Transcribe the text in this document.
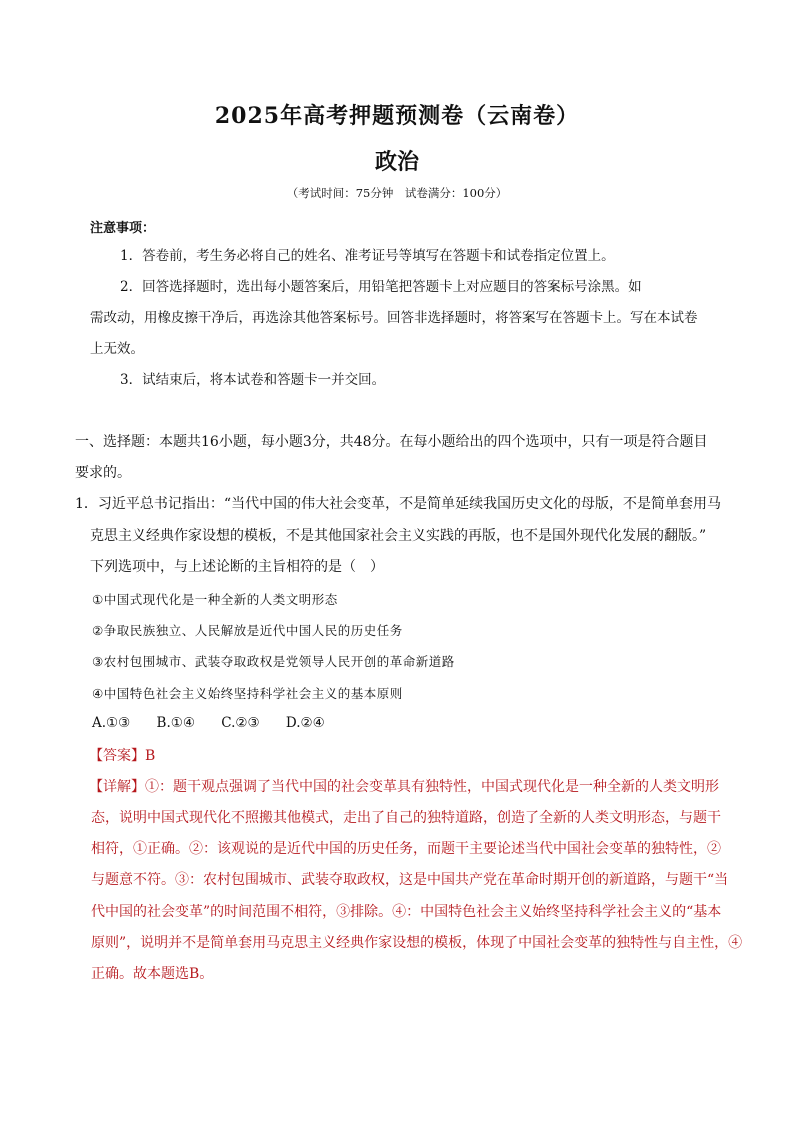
2025年高考押题预测卷（云南卷）
政治
（考试时间：75分钟　试卷满分：100分）
注意事项：
1．答卷前，考生务必将自己的姓名、准考证号等填写在答题卡和试卷指定位置上。
2．回答选择题时，选出每小题答案后，用铅笔把答题卡上对应题目的答案标号涂黑。如
需改动，用橡皮擦干净后，再选涂其他答案标号。回答非选择题时，将答案写在答题卡上。写在本试卷
上无效。
3．试结束后，将本试卷和答题卡一并交回。
一、选择题：本题共16小题，每小题3分，共48分。在每小题给出的四个选项中，只有一项是符合题目
要求的。
1．习近平总书记指出：“当代中国的伟大社会变革，不是简单延续我国历史文化的母版，不是简单套用马
克思主义经典作家设想的模板，不是其他国家社会主义实践的再版，也不是国外现代化发展的翻版。”
下列选项中，与上述论断的主旨相符的是（　）
①中国式现代化是一种全新的人类文明形态
②争取民族独立、人民解放是近代中国人民的历史任务
③农村包围城市、武装夺取政权是党领导人民开创的革命新道路
④中国特色社会主义始终坚持科学社会主义的基本原则
A.①③ B.①④ C.②③ D.②④
【答案】B
【详解】①：题干观点强调了当代中国的社会变革具有独特性，中国式现代化是一种全新的人类文明形
态，说明中国式现代化不照搬其他模式，走出了自己的独特道路，创造了全新的人类文明形态，与题干
相符，①正确。②：该观说的是近代中国的历史任务，而题干主要论述当代中国社会变革的独特性，②
与题意不符。③：农村包围城市、武装夺取政权，这是中国共产党在革命时期开创的新道路，与题干“当
代中国的社会变革”的时间范围不相符，③排除。④：中国特色社会主义始终坚持科学社会主义的“基本
原则”，说明并不是简单套用马克思主义经典作家设想的模板，体现了中国社会变革的独特性与自主性，④
正确。故本题选B。
